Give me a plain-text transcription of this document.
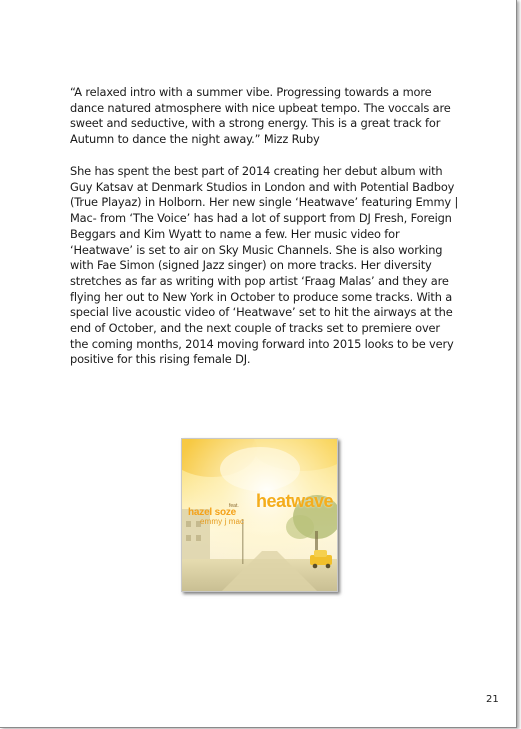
“A relaxed intro with a summer vibe. Progressing towards a more dance natured atmosphere with nice upbeat tempo. The voccals are sweet and seductive, with a strong energy. This is a great track for Autumn to dance the night away.” Mizz Ruby

She has spent the best part of 2014 creating her debut album with Guy Katsav at Denmark Studios in London and with Potential Badboy (True Playaz) in Holborn. Her new single ‘Heatwave’ featuring Emmy | Mac- from ‘The Voice’ has had a lot of support from DJ Fresh, Foreign Beggars and Kim Wyatt to name a few. Her music video for ‘Heatwave’ is set to air on Sky Music Channels. She is also working with Fae Simon (signed Jazz singer) on more tracks. Her diversity stretches as far as writing with pop artist ‘Fraag Malas’ and they are flying her out to New York in October to produce some tracks. With a special live acoustic video of ‘Heatwave’ set to hit the airways at the end of October, and the next couple of tracks set to premiere over the coming months, 2014 moving forward into 2015 looks to be very positive for this rising female DJ.

heatwave
hazel soze
feat.
emmy j mac
21
